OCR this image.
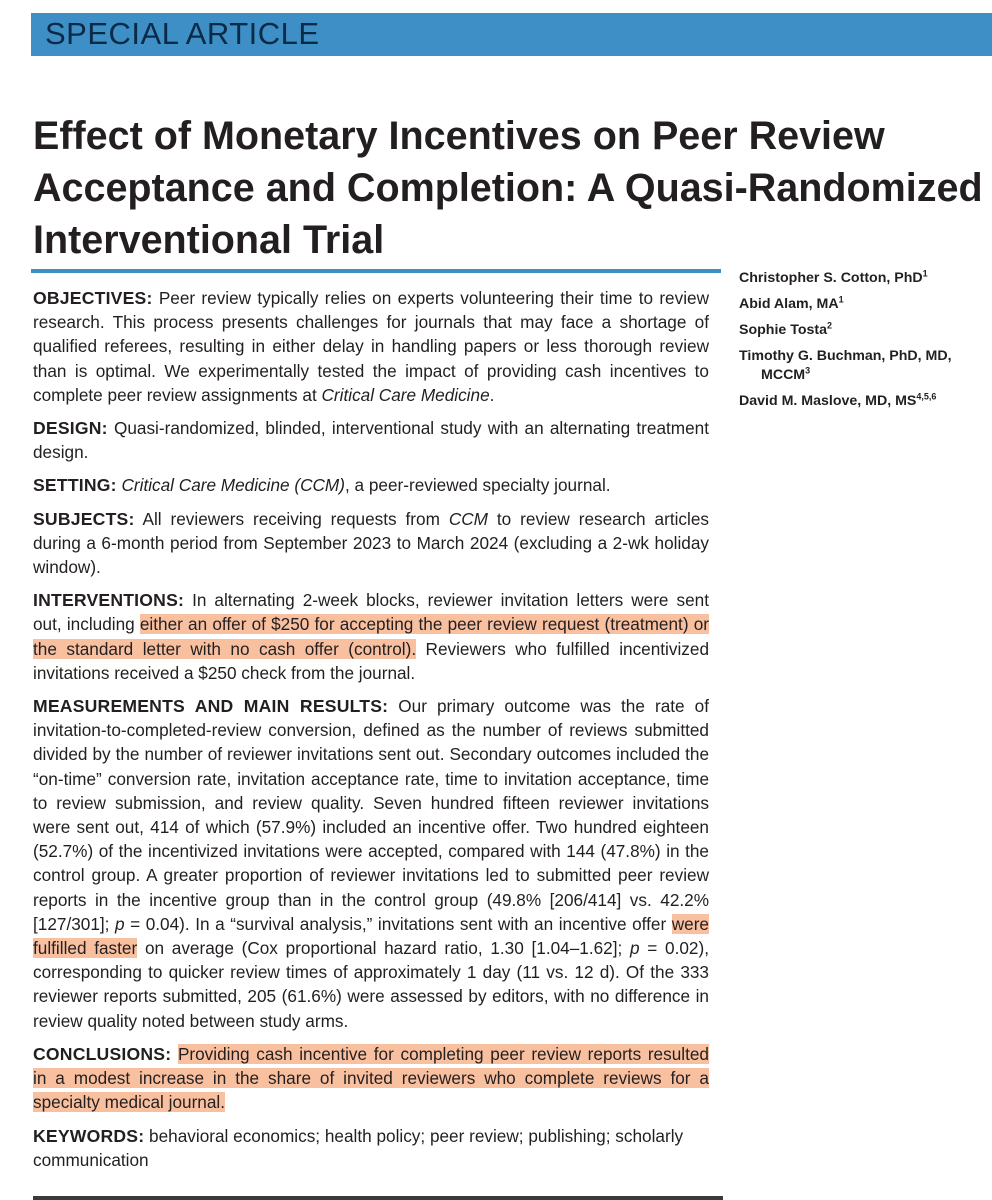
SPECIAL ARTICLE
Effect of Monetary Incentives on Peer Review Acceptance and Completion: A Quasi-Randomized Interventional Trial

OBJECTIVES: Peer review typically relies on experts volunteering their time to review research. This process presents challenges for journals that may face a shortage of qualified referees, resulting in either delay in handling papers or less thorough review than is optimal. We experimentally tested the impact of providing cash incentives to complete peer review assignments at Critical Care Medicine.

DESIGN: Quasi-randomized, blinded, interventional study with an alternating treatment design.

SETTING: Critical Care Medicine (CCM), a peer-reviewed specialty journal.

SUBJECTS: All reviewers receiving requests from CCM to review research articles during a 6-month period from September 2023 to March 2024 (excluding a 2-wk holiday window).

INTERVENTIONS: In alternating 2-week blocks, reviewer invitation letters were sent out, including either an offer of $250 for accepting the peer review request (treatment) or the standard letter with no cash offer (control). Reviewers who fulfilled incentivized invitations received a $250 check from the journal.

MEASUREMENTS AND MAIN RESULTS: Our primary outcome was the rate of invitation-to-completed-review conversion, defined as the number of reviews submitted divided by the number of reviewer invitations sent out. Secondary outcomes included the “on-time” conversion rate, invitation acceptance rate, time to invitation acceptance, time to review submission, and review quality. Seven hundred fifteen reviewer invitations were sent out, 414 of which (57.9%) included an incentive offer. Two hundred eighteen (52.7%) of the incentivized invitations were accepted, compared with 144 (47.8%) in the control group. A greater proportion of reviewer invitations led to submitted peer review reports in the incentive group than in the control group (49.8% [206/414] vs. 42.2% [127/301]; p = 0.04). In a “survival analysis,” invitations sent with an incentive offer were fulfilled faster on average (Cox proportional hazard ratio, 1.30 [1.04–1.62]; p = 0.02), corresponding to quicker review times of approximately 1 day (11 vs. 12 d). Of the 333 reviewer reports submitted, 205 (61.6%) were assessed by editors, with no difference in review quality noted between study arms.

CONCLUSIONS: Providing cash incentive for completing peer review reports resulted in a modest increase in the share of invited reviewers who complete reviews for a specialty medical journal.

KEYWORDS: behavioral economics; health policy; peer review; publishing; scholarly communication

Christopher S. Cotton, PhD$^1$
Abid Alam, $MA^1$
Sophie Tosta$^2$
Timothy G. Buchman, PhD, MD, MCCM$^3$
David M. Maslove, MD, MS$^{4,5,6}$
